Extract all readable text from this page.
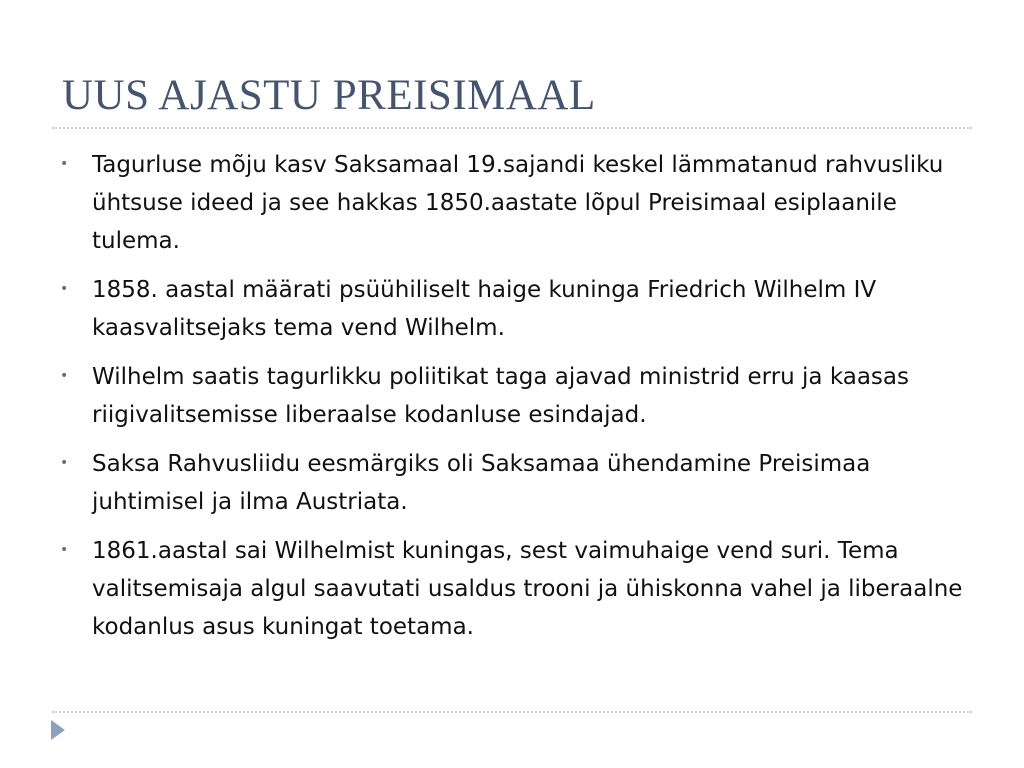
UUS AJASTU PREISIMAAL
• Tagurluse mõju kasv Saksamaal 19.sajandi keskel lämmatanud rahvusliku ühtsuse ideed ja see hakkas 1850.aastate lõpul Preisimaal esiplaanile tulema.
• 1858. aastal määrati psüühiliselt haige kuninga Friedrich Wilhelm IV kaasvalitsejaks tema vend Wilhelm.
• Wilhelm saatis tagurlikku poliitikat taga ajavad ministrid erru ja kaasas riigivalitsemisse liberaalse kodanluse esindajad.
• Saksa Rahvusliidu eesmärgiks oli Saksamaa ühendamine Preisimaa juhtimisel ja ilma Austriata.
• 1861.aastal sai Wilhelmist kuningas, sest vaimuhaige vend suri. Tema valitsemisaja algul saavutati usaldus trooni ja ühiskonna vahel ja liberaalne kodanlus asus kuningat toetama.
